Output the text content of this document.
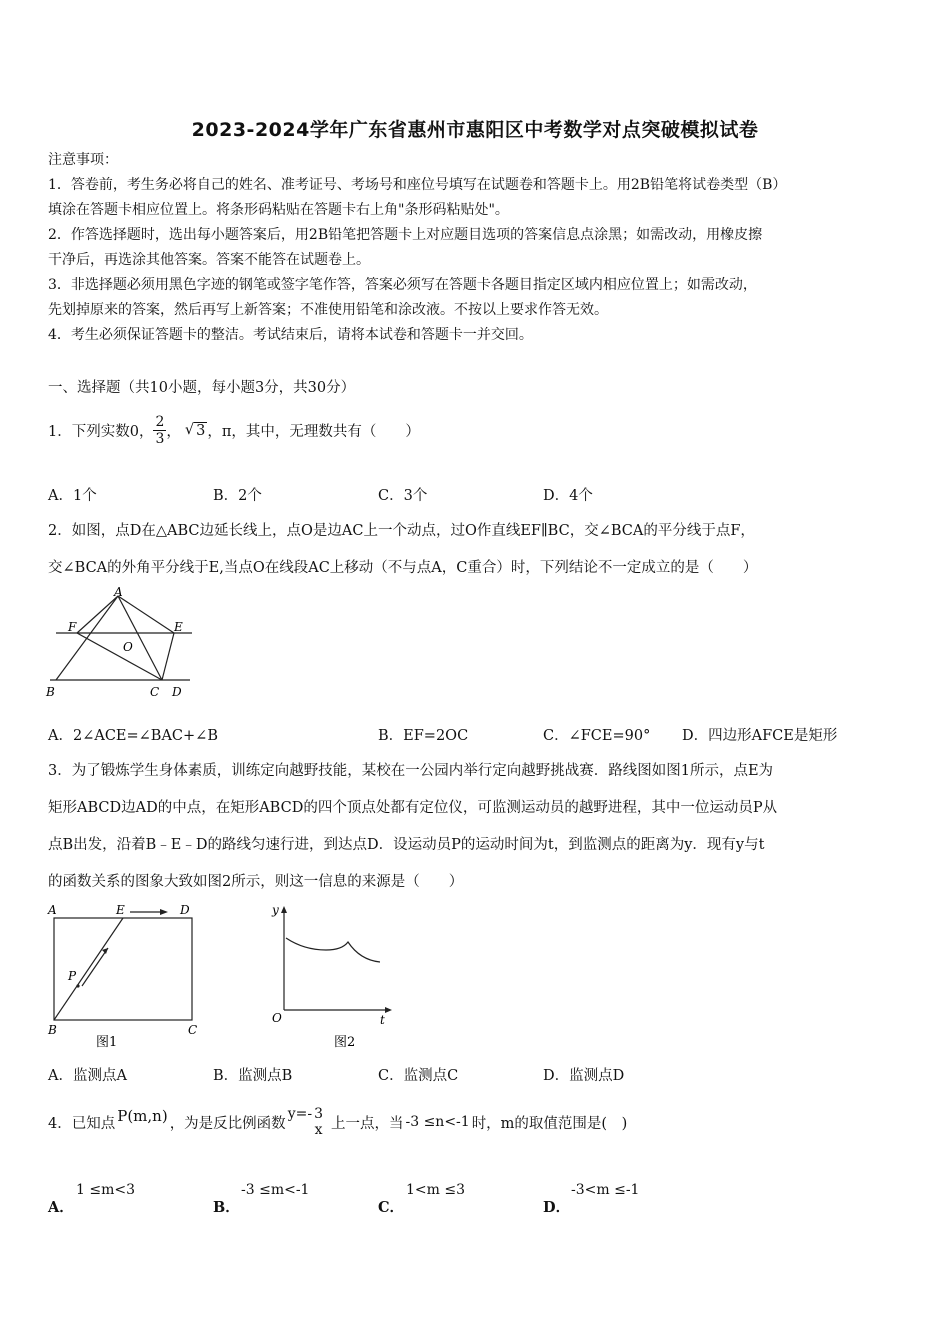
2023-2024学年广东省惠州市惠阳区中考数学对点突破模拟试卷
注意事项：
1．答卷前，考生务必将自己的姓名、准考证号、考场号和座位号填写在试题卷和答题卡上。用2B铅笔将试卷类型（B）
填涂在答题卡相应位置上。将条形码粘贴在答题卡右上角"条形码粘贴处"。
2．作答选择题时，选出每小题答案后，用2B铅笔把答题卡上对应题目选项的答案信息点涂黑；如需改动，用橡皮擦
干净后，再选涂其他答案。答案不能答在试题卷上。
3．非选择题必须用黑色字迹的钢笔或签字笔作答，答案必须写在答题卡各题目指定区域内相应位置上；如需改动，
先划掉原来的答案，然后再写上新答案；不准使用铅笔和涂改液。不按以上要求作答无效。
4．考生必须保证答题卡的整洁。考试结束后，请将本试卷和答题卡一并交回。
一、选择题（共10小题，每小题3分，共30分）
1．下列实数0， $\frac{2}{3}$ ， √ 3 ，π，其中，无理数共有（　　）
A．1个	B．2个	C．3个	D．4个
2．如图，点D在△ABC边延长线上，点O是边AC上一个动点，过O作直线EF∥BC，交∠BCA的平分线于点F，
交∠BCA的外角平分线于E,当点O在线段AC上移动（不与点A，C重合）时，下列结论不一定成立的是（　　）
A
F	E
O
B	C D
A．2∠ACE=∠BAC+∠B	B．EF=2OC	C．∠FCE=90° D．四边形AFCE是矩形
3．为了锻炼学生身体素质，训练定向越野技能，某校在一公园内举行定向越野挑战赛．路线图如图1所示，点E为
矩形ABCD边AD的中点，在矩形ABCD的四个顶点处都有定位仪，可监测运动员的越野进程，其中一位运动员P从
点B出发，沿着B﹣E﹣D的路线匀速行进，到达点D．设运动员P的运动时间为t，到监测点的距离为y．现有y与t
的函数关系的图象大致如图2所示，则这一信息的来源是（　　）
A	E	D
P
B	C
图1
y
O	t
图2
A．监测点A	B．监测点B	C．监测点C	D．监测点D
4．已知点 P(m,n) ，为是反比例函数
y=- 3
x 上一点，当 -3 ≤n<-1 时，m的取值范围是(　)
A．
1 ≤m<3
B．
-3 ≤m<-1
C．
1<m ≤3
D．
-3<m ≤-1
